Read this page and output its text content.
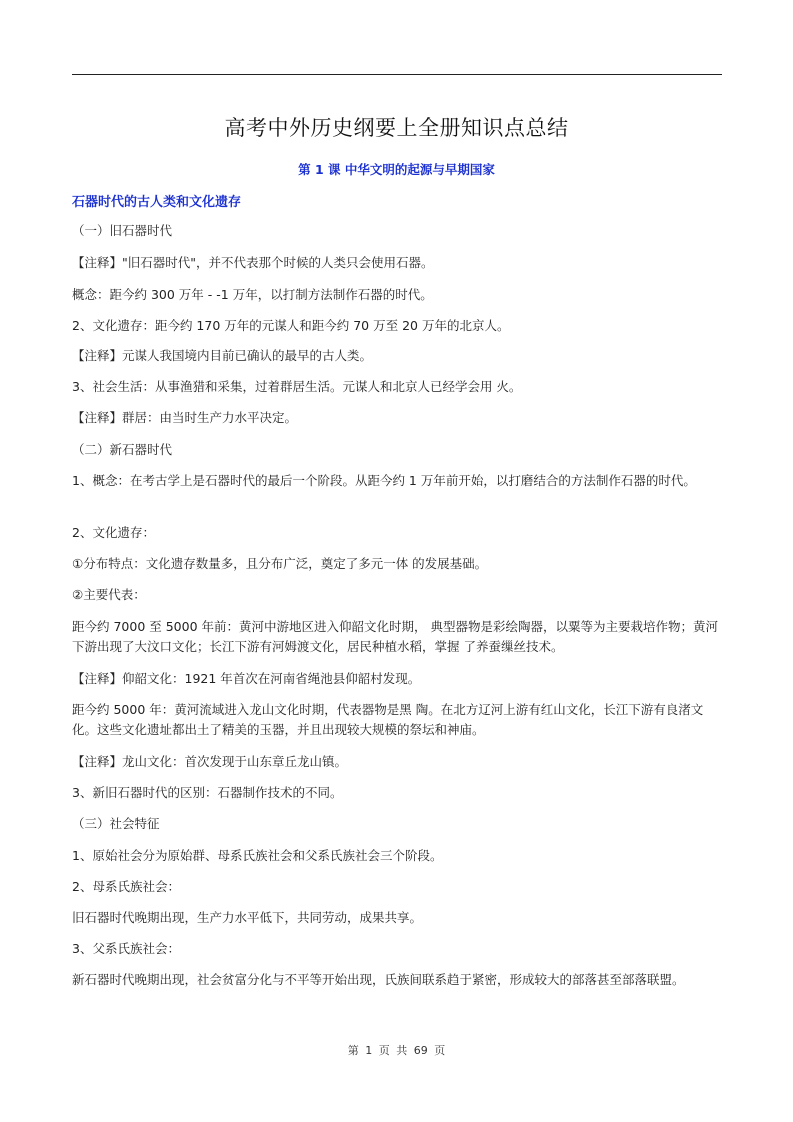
高考中外历史纲要上全册知识点总结
第 1 课 中华文明的起源与早期国家
石器时代的古人类和文化遗存
（一）旧石器时代
【注释】"旧石器时代"，并不代表那个时候的人类只会使用石器。
概念：距今约 300 万年 - -1 万年，以打制方法制作石器的时代。
2、文化遗存：距今约 170 万年的元谋人和距今约 70 万至 20 万年的北京人。
【注释】元谋人我国境内目前已确认的最早的古人类。
3、社会生活：从事渔猎和采集，过着群居生活。元谋人和北京人已经学会用 火。
【注释】群居：由当时生产力水平决定。
（二）新石器时代
1、概念：在考古学上是石器时代的最后一个阶段。从距今约 1 万年前开始，以打磨结合的方法制作石器的时代。
2、文化遗存：
①分布特点：文化遗存数量多，且分布广泛，奠定了多元一体 的发展基础。
②主要代表：
距今约 7000 至 5000 年前：黄河中游地区进入仰韶文化时期， 典型器物是彩绘陶器，以粟等为主要栽培作物；黄河下游出现了大汶口文化；长江下游有河姆渡文化，居民种植水稻，掌握 了养蚕缫丝技术。
【注释】仰韶文化：1921 年首次在河南省绳池县仰韶村发现。
距今约 5000 年：黄河流域进入龙山文化时期，代表器物是黑 陶。在北方辽河上游有红山文化，长江下游有良渚文化。这些文化遗址都出土了精美的玉器，并且出现较大规模的祭坛和神庙。
【注释】龙山文化：首次发现于山东章丘龙山镇。
3、新旧石器时代的区别：石器制作技术的不同。
（三）社会特征
1、原始社会分为原始群、母系氏族社会和父系氏族社会三个阶段。
2、母系氏族社会：
旧石器时代晚期出现，生产力水平低下，共同劳动，成果共享。
3、父系氏族社会：
新石器时代晚期出现，社会贫富分化与不平等开始出现，氏族间联系趋于紧密，形成较大的部落甚至部落联盟。
第 1 页 共 69 页
